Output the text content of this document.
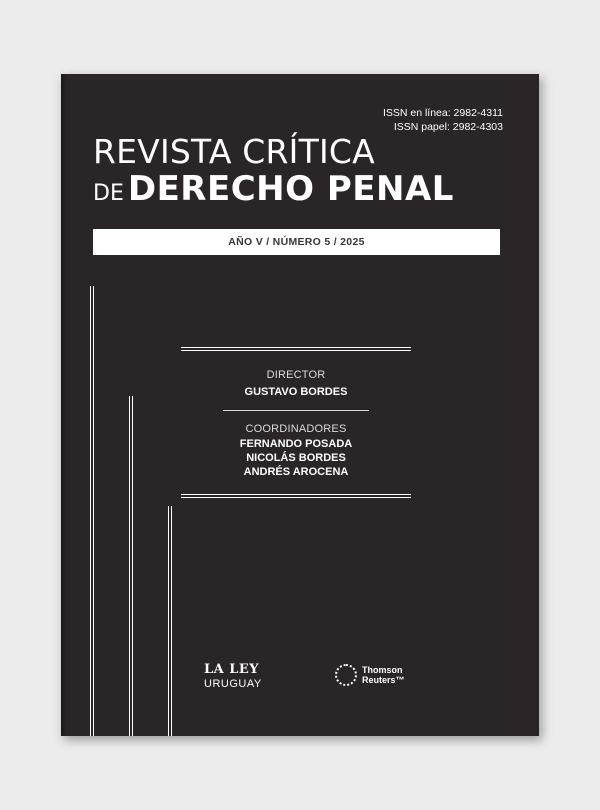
ISSN en línea: 2982-4311
ISSN papel: 2982-4303
REVISTA CRÍTICA
DE DERECHO PENAL
AÑO V / NÚMERO 5 / 2025
DIRECTOR
GUSTAVO BORDES
COORDINADORES
FERNANDO POSADA
NICOLÁS BORDES
ANDRÉS AROCENA
LA LEY
URUGUAY
Thomson
Reuters™
